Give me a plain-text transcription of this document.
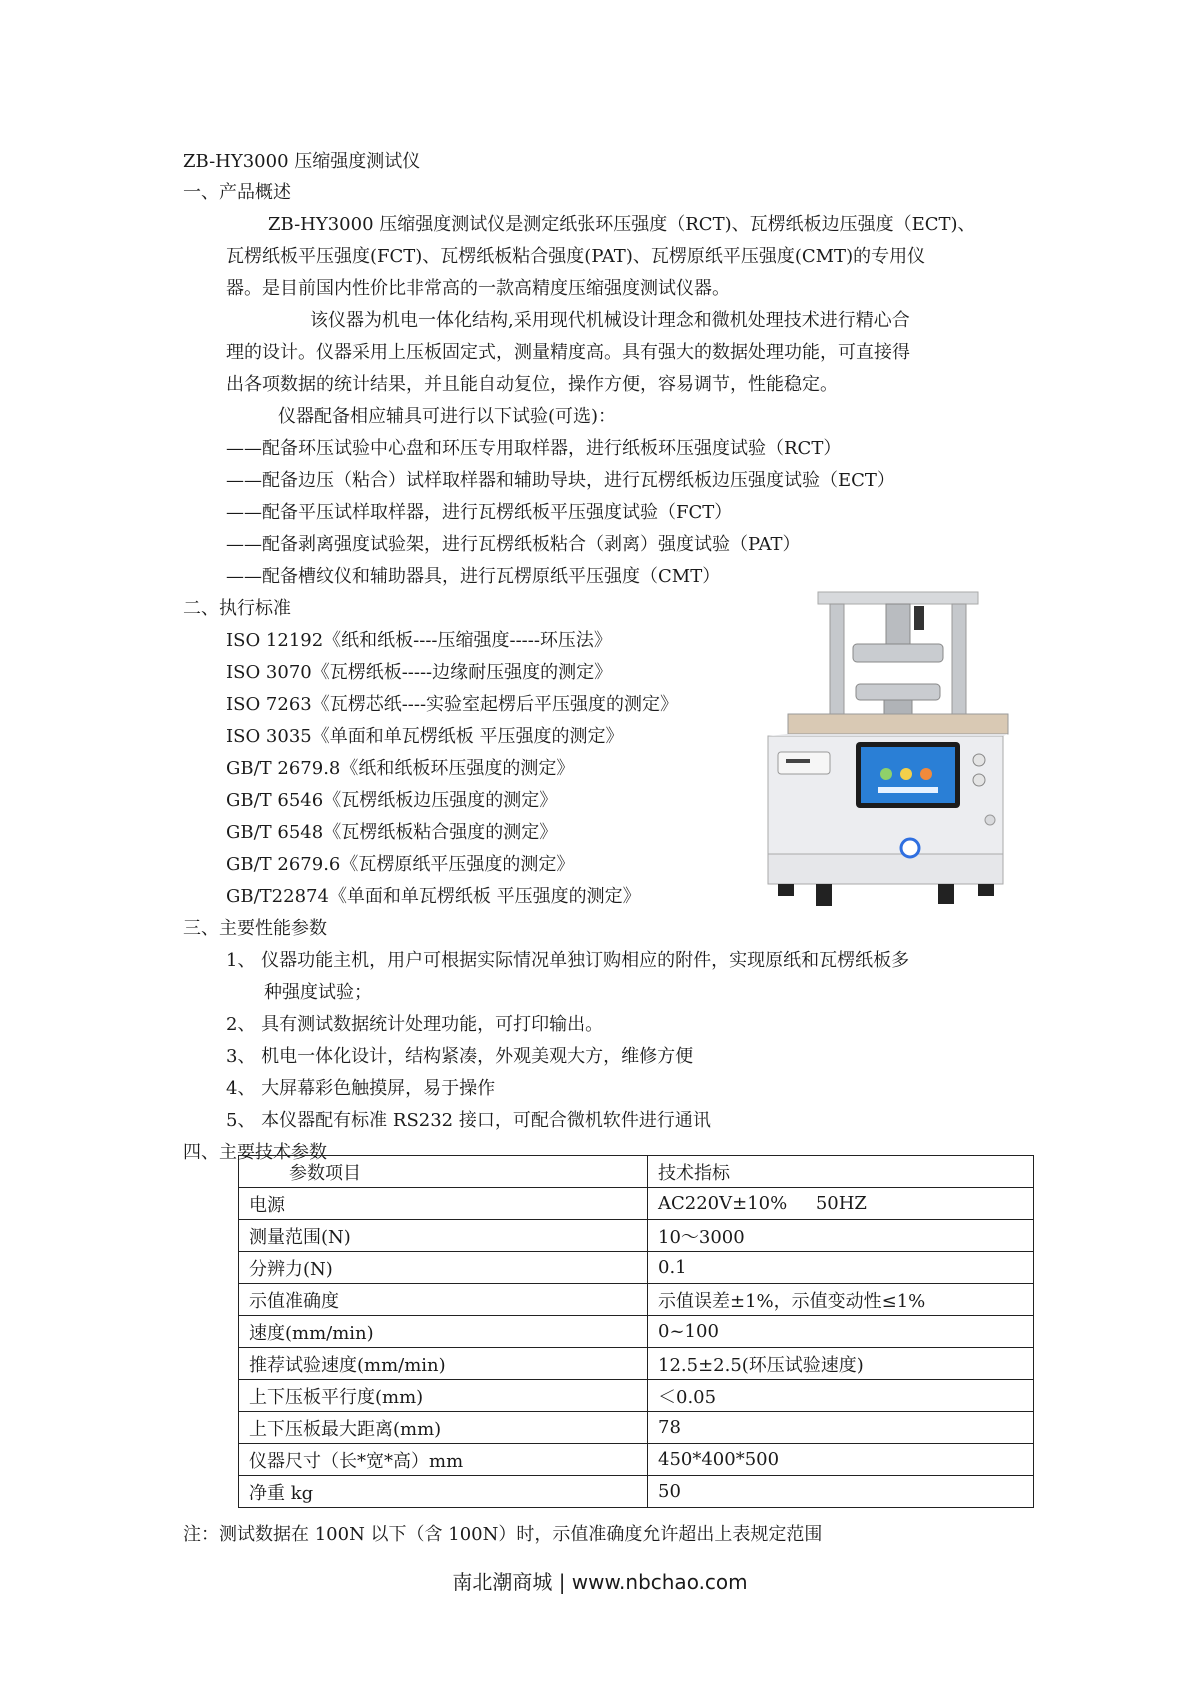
ZB-HY3000 压缩强度测试仪
一、产品概述
ZB-HY3000 压缩强度测试仪是测定纸张环压强度（RCT)、瓦楞纸板边压强度（ECT)、
瓦楞纸板平压强度(FCT)、瓦楞纸板粘合强度(PAT)、瓦楞原纸平压强度(CMT)的专用仪
器。是目前国内性价比非常高的一款高精度压缩强度测试仪器。
该仪器为机电一体化结构,采用现代机械设计理念和微机处理技术进行精心合
理的设计。仪器采用上压板固定式，测量精度高。具有强大的数据处理功能，可直接得
出各项数据的统计结果，并且能自动复位，操作方便，容易调节，性能稳定。
仪器配备相应辅具可进行以下试验(可选)：
——配备环压试验中心盘和环压专用取样器，进行纸板环压强度试验（RCT）
——配备边压（粘合）试样取样器和辅助导块，进行瓦楞纸板边压强度试验（ECT）
——配备平压试样取样器，进行瓦楞纸板平压强度试验（FCT）
——配备剥离强度试验架，进行瓦楞纸板粘合（剥离）强度试验（PAT）
——配备槽纹仪和辅助器具，进行瓦楞原纸平压强度（CMT）
二、执行标准
ISO 12192《纸和纸板----压缩强度-----环压法》
ISO 3070《瓦楞纸板-----边缘耐压强度的测定》
ISO 7263《瓦楞芯纸----实验室起楞后平压强度的测定》
ISO 3035《单面和单瓦楞纸板 平压强度的测定》
GB/T 2679.8《纸和纸板环压强度的测定》
GB/T 6546《瓦楞纸板边压强度的测定》
GB/T 6548《瓦楞纸板粘合强度的测定》
GB/T 2679.6《瓦楞原纸平压强度的测定》
GB/T22874《单面和单瓦楞纸板 平压强度的测定》
三、主要性能参数
1、 仪器功能主机，用户可根据实际情况单独订购相应的附件，实现原纸和瓦楞纸板多
种强度试验；
2、 具有测试数据统计处理功能，可打印输出。
3、 机电一体化设计，结构紧凑，外观美观大方，维修方便
4、 大屏幕彩色触摸屏，易于操作
5、 本仪器配有标准 RS232 接口，可配合微机软件进行通讯
四、主要技术参数
参数项目	技术指标
电源	AC220V±10%     50HZ
测量范围(N)	10～3000
分辨力(N)	0.1
示值准确度	示值误差±1%，示值变动性≤1%
速度(mm/min)	0~100
推荐试验速度(mm/min)	12.5±2.5(环压试验速度)
上下压板平行度(mm)	＜0.05
上下压板最大距离(mm)	78
仪器尺寸（长*宽*高）mm	450*400*500
净重 kg	50
注：测试数据在 100N 以下（含 100N）时，示值准确度允许超出上表规定范围
南北潮商城 | www.nbchao.com
